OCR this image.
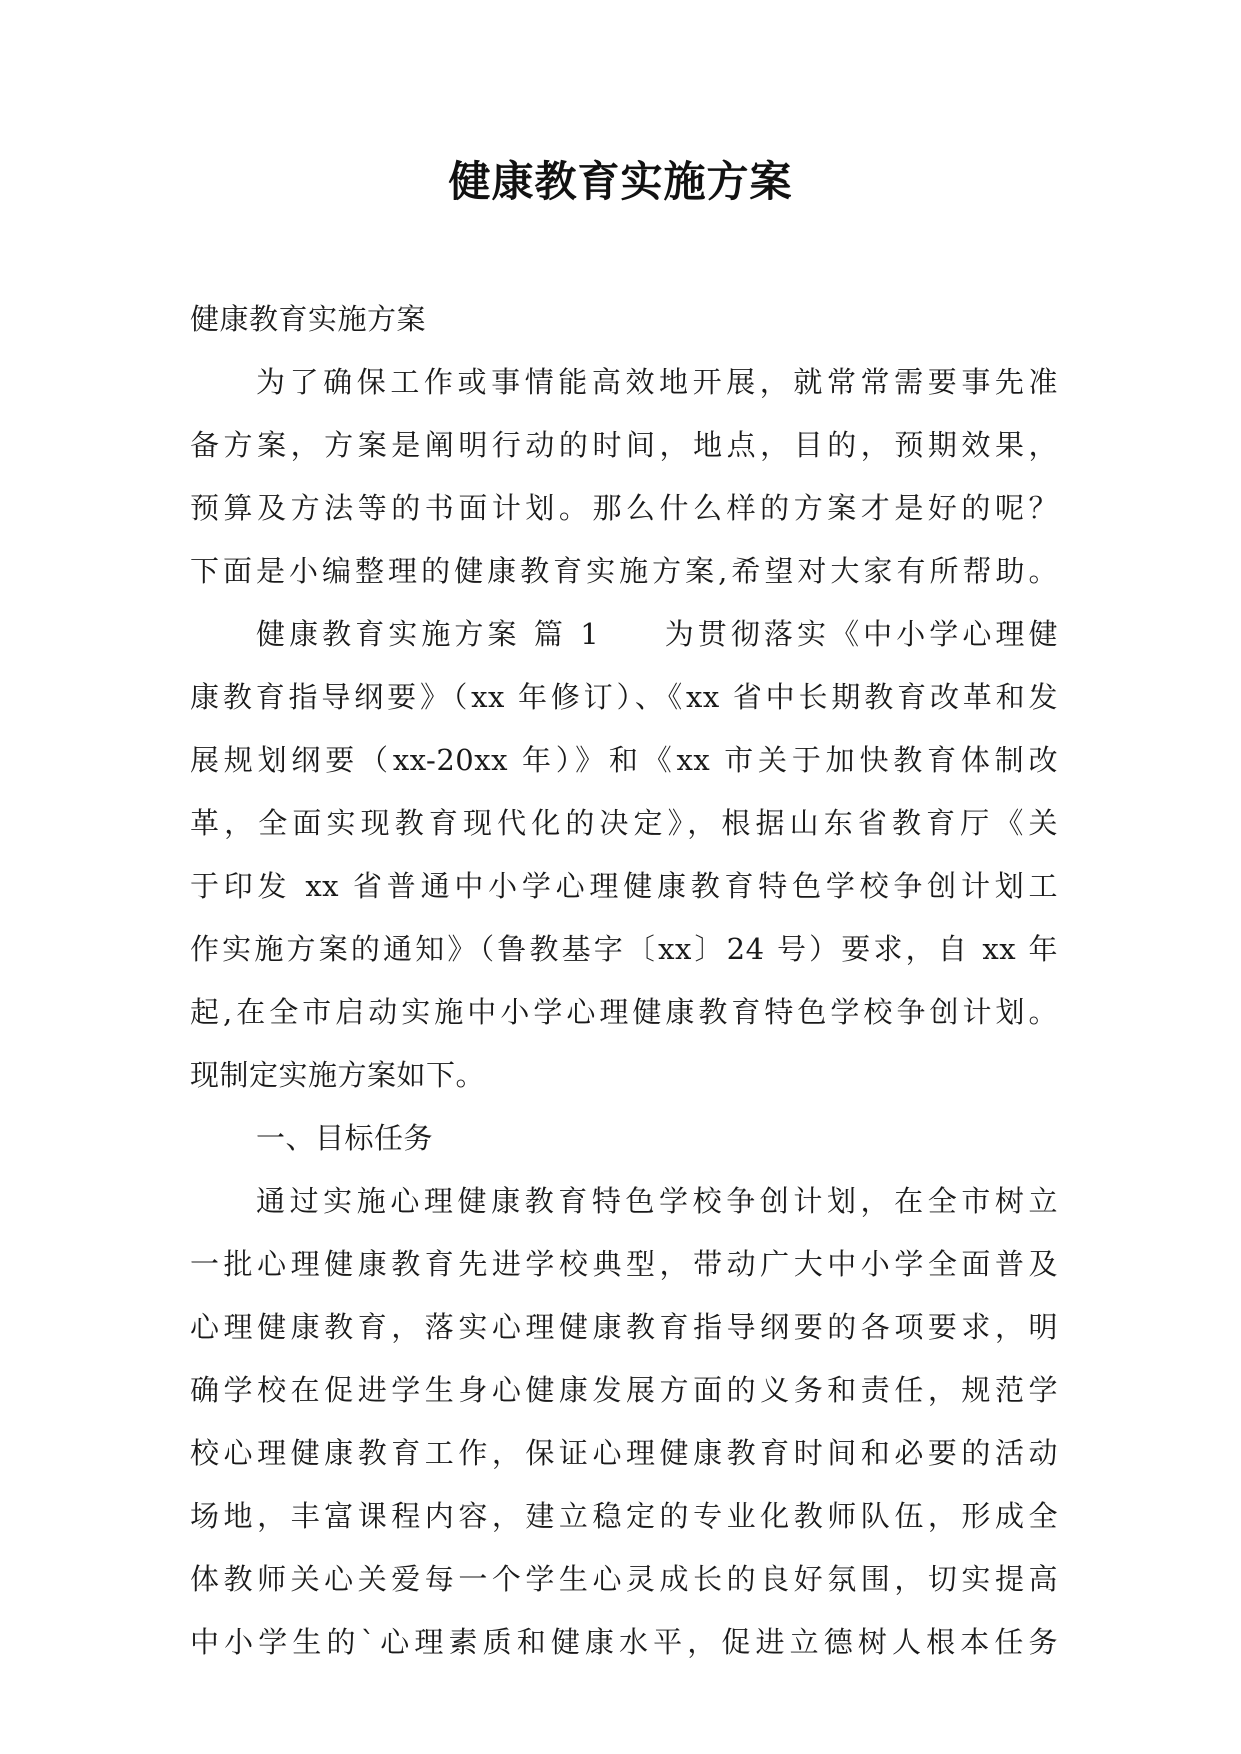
健康教育实施方案
健康教育实施方案
为了确保工作或事情能高效地开展，就常常需要事先准
备方案，方案是阐明行动的时间，地点，目的，预期效果，
预算及方法等的书面计划。那么什么样的方案才是好的呢？
下面是小编整理的健康教育实施方案,希望对大家有所帮助。
健康教育实施方案 篇 1 为贯彻落实《中小学心理健
康教育指导纲要》（xx 年修订）、《xx 省中长期教育改革和发
展规划纲要（xx-20xx 年）》和《xx 市关于加快教育体制改
革，全面实现教育现代化的决定》，根据山东省教育厅《关
于印发 xx 省普通中小学心理健康教育特色学校争创计划工
作实施方案的通知》（鲁教基字〔xx〕24 号）要求，自 xx 年
起,在全市启动实施中小学心理健康教育特色学校争创计划。
现制定实施方案如下。
一、目标任务
通过实施心理健康教育特色学校争创计划，在全市树立
一批心理健康教育先进学校典型，带动广大中小学全面普及
心理健康教育，落实心理健康教育指导纲要的各项要求，明
确学校在促进学生身心健康发展方面的义务和责任，规范学
校心理健康教育工作，保证心理健康教育时间和必要的活动
场地，丰富课程内容，建立稳定的专业化教师队伍，形成全
体教师关心关爱每一个学生心灵成长的良好氛围，切实提高
中小学生的`心理素质和健康水平，促进立德树人根本任务
